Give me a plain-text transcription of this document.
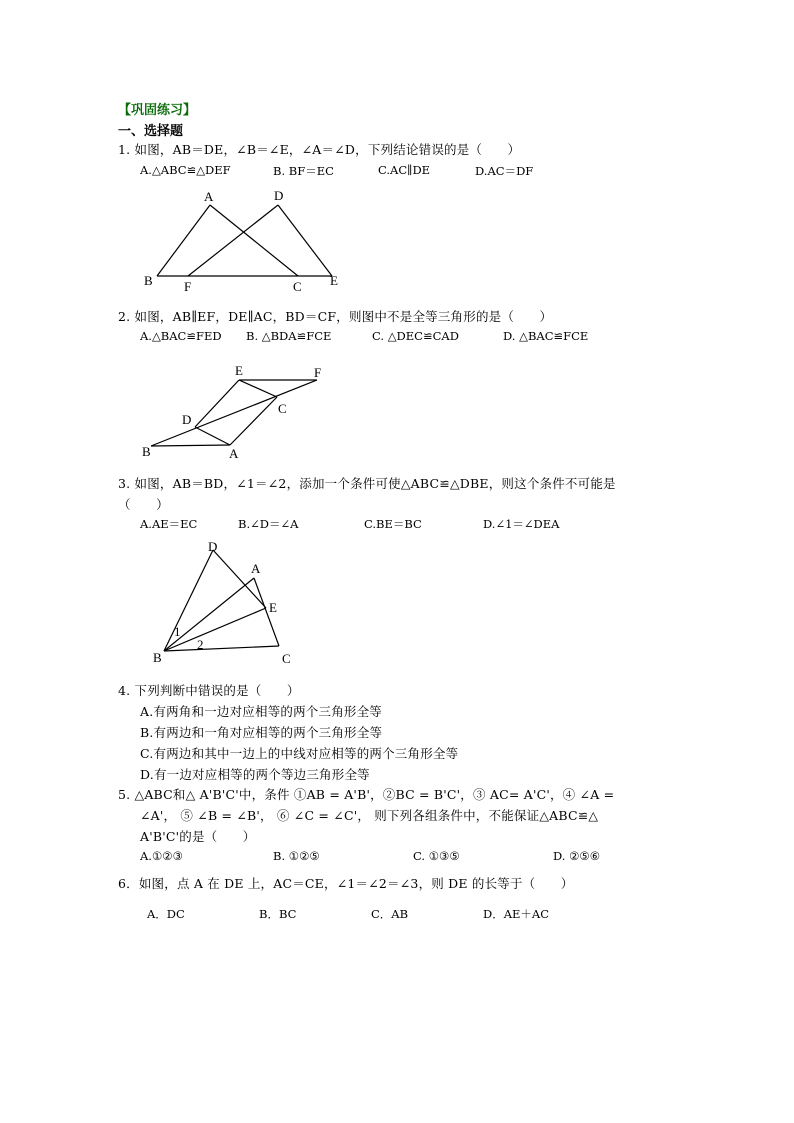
【巩固练习】
一、选择题
1. 如图，AB＝DE，∠B＝∠E，∠A＝∠D，下列结论错误的是（　　）
A.△ABC≌△DEF	B. BF＝EC	C.AC∥DE	D.AC＝DF
A	D
B F	C E
2. 如图，AB∥EF，DE∥AC，BD＝CF，则图中不是全等三角形的是（　　）
A.△BAC≌FED B. △BDA≌FCE	C. △DEC≌CAD	D. △BAC≌FCE
E	F
D
C
B	A
3. 如图，AB＝BD，∠1＝∠2，添加一个条件可使△ABC≌△DBE，则这个条件不可能是
（　　）
A.AE＝EC	B.∠D＝∠A	C.BE＝BC	D.∠1＝∠DEA
D
A
E
1
2
B	C
4. 下列判断中错误的是（　　）
A.有两角和一边对应相等的两个三角形全等
B.有两边和一角对应相等的两个三角形全等
C.有两边和其中一边上的中线对应相等的两个三角形全等
D.有一边对应相等的两个等边三角形全等
5. △ABC和△ A'B'C'中，条件 ①AB = A'B'，②BC = B'C'，③ AC= A'C'，④ ∠A =
∠A'， ⑤ ∠B = ∠B'， ⑥ ∠C = ∠C'， 则下列各组条件中，不能保证△ABC≌△
A'B'C'的是（　　）
A.①②③	B. ①②⑤	C. ①③⑤	D. ②⑤⑥
6．如图，点 A 在 DE 上，AC＝CE，∠1＝∠2＝∠3，则 DE 的长等于（　　）
A．DC	B．BC	C．AB	D．AE＋AC
